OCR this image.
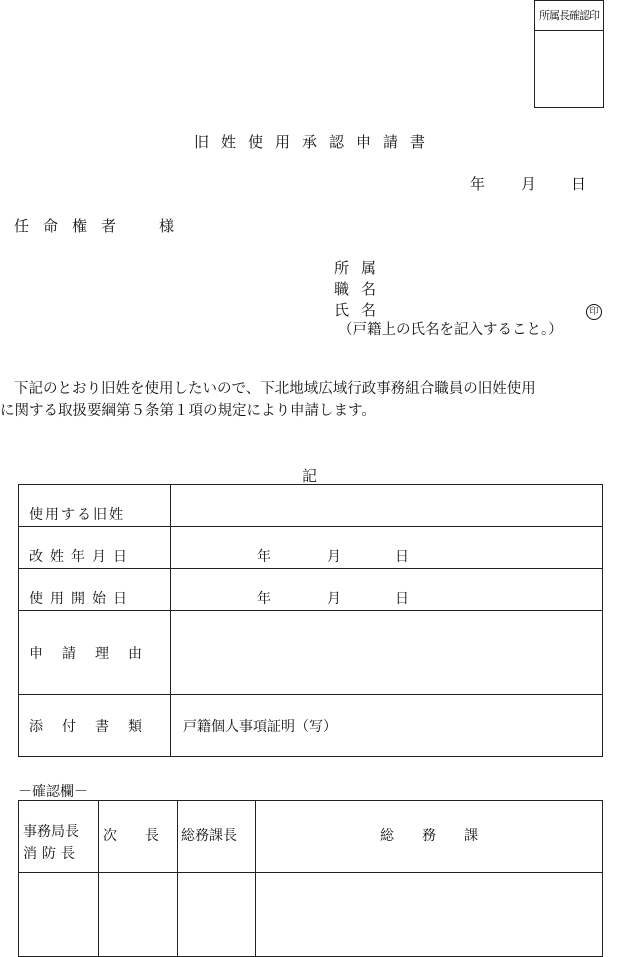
所属長確認印
旧姓使用承認申請書
年 月 日
任命権者　様
所属
職名
氏名	印
（戸籍上の氏名を記入すること。）
下記のとおり旧姓を使用したいので、下北地域広域行政事務組合職員の旧姓使用
に関する取扱要綱第５条第１項の規定により申請します。
記
使用する旧姓	
改姓年月日	年 月 日

使用開始日	年 月 日

申請理由	
添付書類	戸籍個人事項証明（写）
－確認欄－
事務局長
消防長	次　　長	総務課長	総　　務　　課
